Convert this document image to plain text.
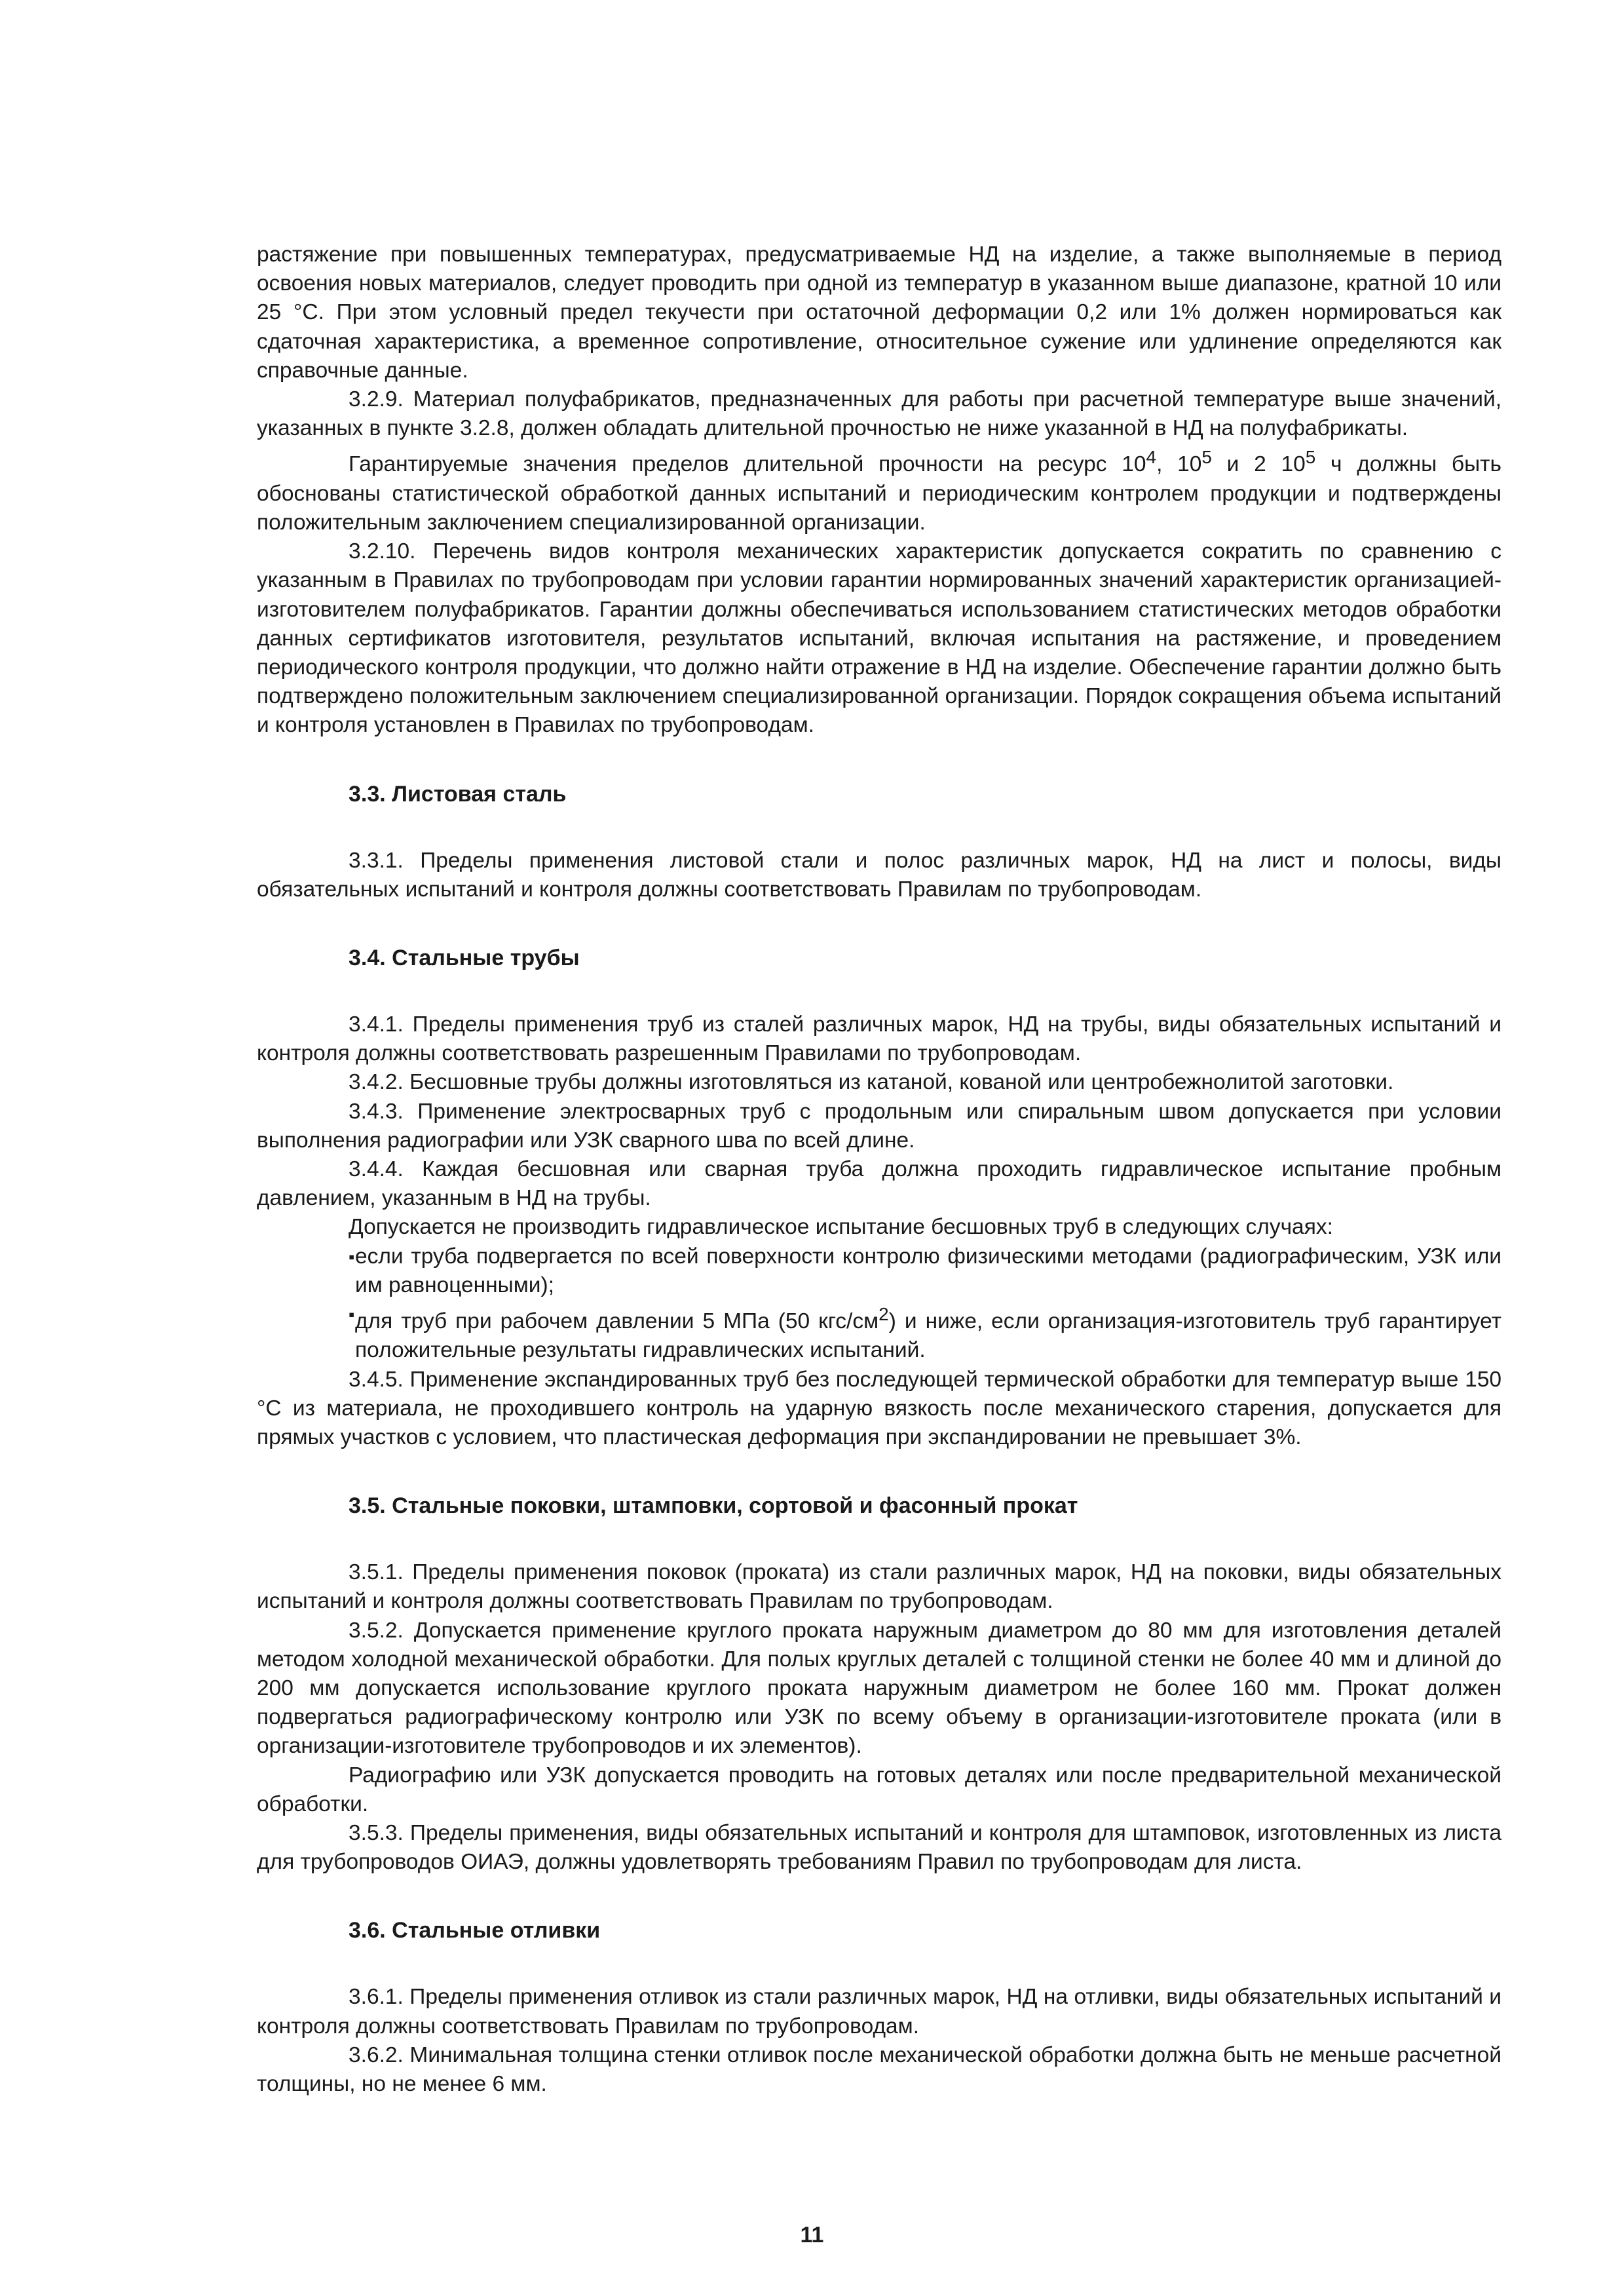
растяжение при повышенных температурах, предусматриваемые НД на изделие, а также выполняемые в период освоения новых материалов, следует проводить при одной из температур в указанном выше диапазоне, кратной 10 или 25 °С. При этом условный предел текучести при остаточной деформации 0,2 или 1% должен нормироваться как сдаточная характеристика, а временное сопротивление, относительное сужение или удлинение определяются как справочные данные.

3.2.9. Материал полуфабрикатов, предназначенных для работы при расчетной температуре выше значений, указанных в пункте 3.2.8, должен обладать длительной прочностью не ниже указанной в НД на полуфабрикаты.

Гарантируемые значения пределов длительной прочности на ресурс $10^4$, $10^5$ и 2 $10^5$ ч должны быть обоснованы статистической обработкой данных испытаний и периодическим контролем продукции и подтверждены положительным заключением специализированной организации.

3.2.10. Перечень видов контроля механических характеристик допускается сократить по сравнению с указанным в Правилах по трубопроводам при условии гарантии нормированных значений характеристик организацией-изготовителем полуфабрикатов. Гарантии должны обеспечиваться использованием статистических методов обработки данных сертификатов изготовителя, результатов испытаний, включая испытания на растяжение, и проведением периодического контроля продукции, что должно найти отражение в НД на изделие. Обеспечение гарантии должно быть подтверждено положительным заключением специализированной организации. Порядок сокращения объема испытаний и контроля установлен в Правилах по трубопроводам.

3.3. Листовая сталь

3.3.1. Пределы применения листовой стали и полос различных марок, НД на лист и полосы, виды обязательных испытаний и контроля должны соответствовать Правилам по трубопроводам.

3.4. Стальные трубы

3.4.1. Пределы применения труб из сталей различных марок, НД на трубы, виды обязательных испытаний и контроля должны соответствовать разрешенным Правилами по трубопроводам.

3.4.2. Бесшовные трубы должны изготовляться из катаной, кованой или центробежнолитой заготовки.

3.4.3. Применение электросварных труб с продольным или спиральным швом допускается при условии выполнения радиографии или УЗК сварного шва по всей длине.

3.4.4. Каждая бесшовная или сварная труба должна проходить гидравлическое испытание пробным давлением, указанным в НД на трубы.

Допускается не производить гидравлическое испытание бесшовных труб в следующих случаях:

▪ если труба подвергается по всей поверхности контролю физическими методами (радиографическим, УЗК или им равноценными);
▪ для труб при рабочем давлении 5 МПа (50 кгс/$см^2$) и ниже, если организация-изготовитель труб гарантирует положительные результаты гидравлических испытаний.

3.4.5. Применение экспандированных труб без последующей термической обработки для температур выше 150 °С из материала, не проходившего контроль на ударную вязкость после механического старения, допускается для прямых участков с условием, что пластическая деформация при экспандировании не превышает 3%.

3.5. Стальные поковки, штамповки, сортовой и фасонный прокат

3.5.1. Пределы применения поковок (проката) из стали различных марок, НД на поковки, виды обязательных испытаний и контроля должны соответствовать Правилам по трубопроводам.

3.5.2. Допускается применение круглого проката наружным диаметром до 80 мм для изготовления деталей методом холодной механической обработки. Для полых круглых деталей с толщиной стенки не более 40 мм и длиной до 200 мм допускается использование круглого проката наружным диаметром не более 160 мм. Прокат должен подвергаться радиографическому контролю или УЗК по всему объему в организации-изготовителе проката (или в организации-изготовителе трубопроводов и их элементов).

Радиографию или УЗК допускается проводить на готовых деталях или после предварительной механической обработки.

3.5.3. Пределы применения, виды обязательных испытаний и контроля для штамповок, изготовленных из листа для трубопроводов ОИАЭ, должны удовлетворять требованиям Правил по трубопроводам для листа.

3.6. Стальные отливки

3.6.1. Пределы применения отливок из стали различных марок, НД на отливки, виды обязательных испытаний и контроля должны соответствовать Правилам по трубопроводам.

3.6.2. Минимальная толщина стенки отливок после механической обработки должна быть не меньше расчетной толщины, но не менее 6 мм.

11
